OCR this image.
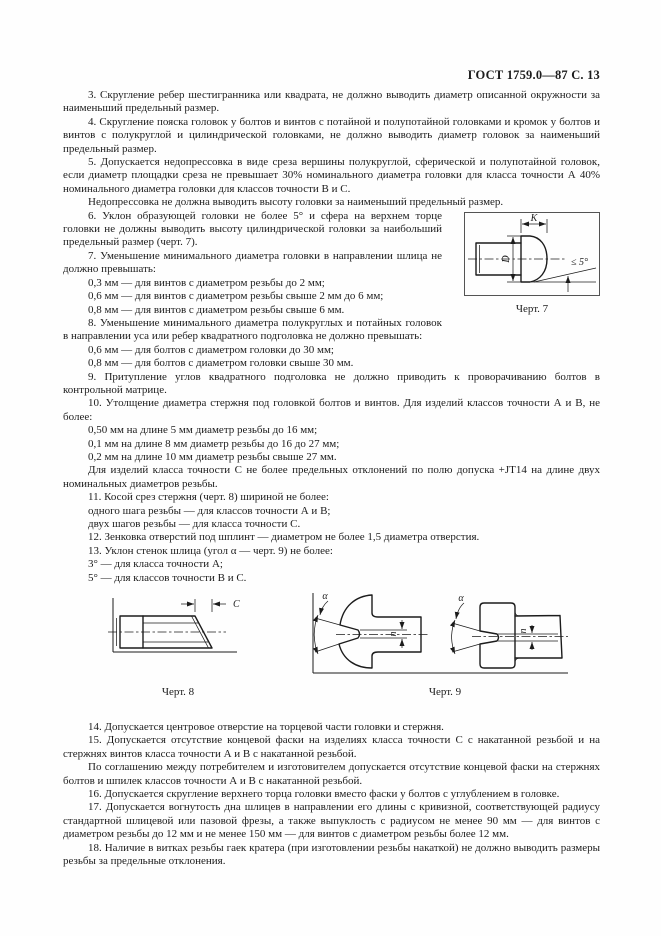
ГОСТ 1759.0—87 С. 13

3. Скругление ребер шестигранника или квадрата, не должно выводить диаметр описанной окружности за наименьший предельный размер.

4. Скругление пояска головок у болтов и винтов с потайной и полупотайной головками и кромок у болтов и винтов с полукруглой и цилиндрической головками, не должно выводить диаметр головок за наименьший предельный размер.

5. Допускается недопрессовка в виде среза вершины полукруглой, сферической и полупотайной головок, если диаметр площадки среза не превышает 30% номинального диаметра головки для класса точности А 40% номинального диаметра головки для классов точности В и С.

Недопрессовка не должна выводить высоту головки за наименьший предельный размер.

K
D	≤ 5°
Черт. 7

6. Уклон образующей головки не более 5° и сфера на верхнем торце головки не должны выводить высоту цилиндрической головки за наибольший предельный размер (черт. 7).

7. Уменьшение минимального диаметра головки в направлении шлица не должно превышать:

0,3 мм — для винтов с диаметром резьбы до 2 мм;

0,6 мм — для винтов с диаметром резьбы свыше 2 мм до 6 мм;

0,8 мм — для винтов с диаметром резьбы свыше 6 мм.

8. Уменьшение минимального диаметра полукруглых и потайных головок в направлении уса или ребер квадратного подголовка не должно превышать:

0,6 мм — для болтов с диаметром головки до 30 мм;

0,8 мм — для болтов с диаметром головки свыше 30 мм.

9. Притупление углов квадратного подголовка не должно приводить к проворачиванию болтов в контрольной матрице.

10. Утолщение диаметра стержня под головкой болтов и винтов. Для изделий классов точности А и В, не более:

0,50 мм на длине 5 мм диаметр резьбы до 16 мм;

0,1 мм на длине 8 мм диаметр резьбы до 16 до 27 мм;

0,2 мм на длине 10 мм диаметр резьбы свыше 27 мм.

Для изделий класса точности С не более предельных отклонений по полю допуска +JT14 на длине двух номинальных диаметров резьбы.

11. Косой срез стержня (черт. 8) шириной не более:

одного шага резьбы — для классов точности А и В;

двух шагов резьбы — для класса точности С.

12. Зенковка отверстий под шплинт — диаметром не более 1,5 диаметра отверстия.

13. Уклон стенок шлица (угол α — черт. 9) не более:

3° — для класса точности А;

5° — для классов точности В и С.

C
n
α
n
α
Черт. 8	Черт. 9

14. Допускается центровое отверстие на торцевой части головки и стержня.

15. Допускается отсутствие концевой фаски на изделиях класса точности С с накатанной резьбой и на стержнях винтов класса точности А и В с накатанной резьбой.

По соглашению между потребителем и изготовителем допускается отсутствие концевой фаски на стержнях болтов и шпилек классов точности А и В с накатанной резьбой.

16. Допускается скругление верхнего торца головки вместо фаски у болтов с углублением в головке.

17. Допускается вогнутость дна шлицев в направлении его длины с кривизной, соответствующей радиусу стандартной шлицевой или пазовой фрезы, а также выпуклость с радиусом не менее 90 мм — для винтов с диаметром резьбы до 12 мм и не менее 150 мм — для винтов с диаметром резьбы более 12 мм.

18. Наличие в витках резьбы гаек кратера (при изготовлении резьбы накаткой) не должно выводить размеры резьбы за предельные отклонения.
